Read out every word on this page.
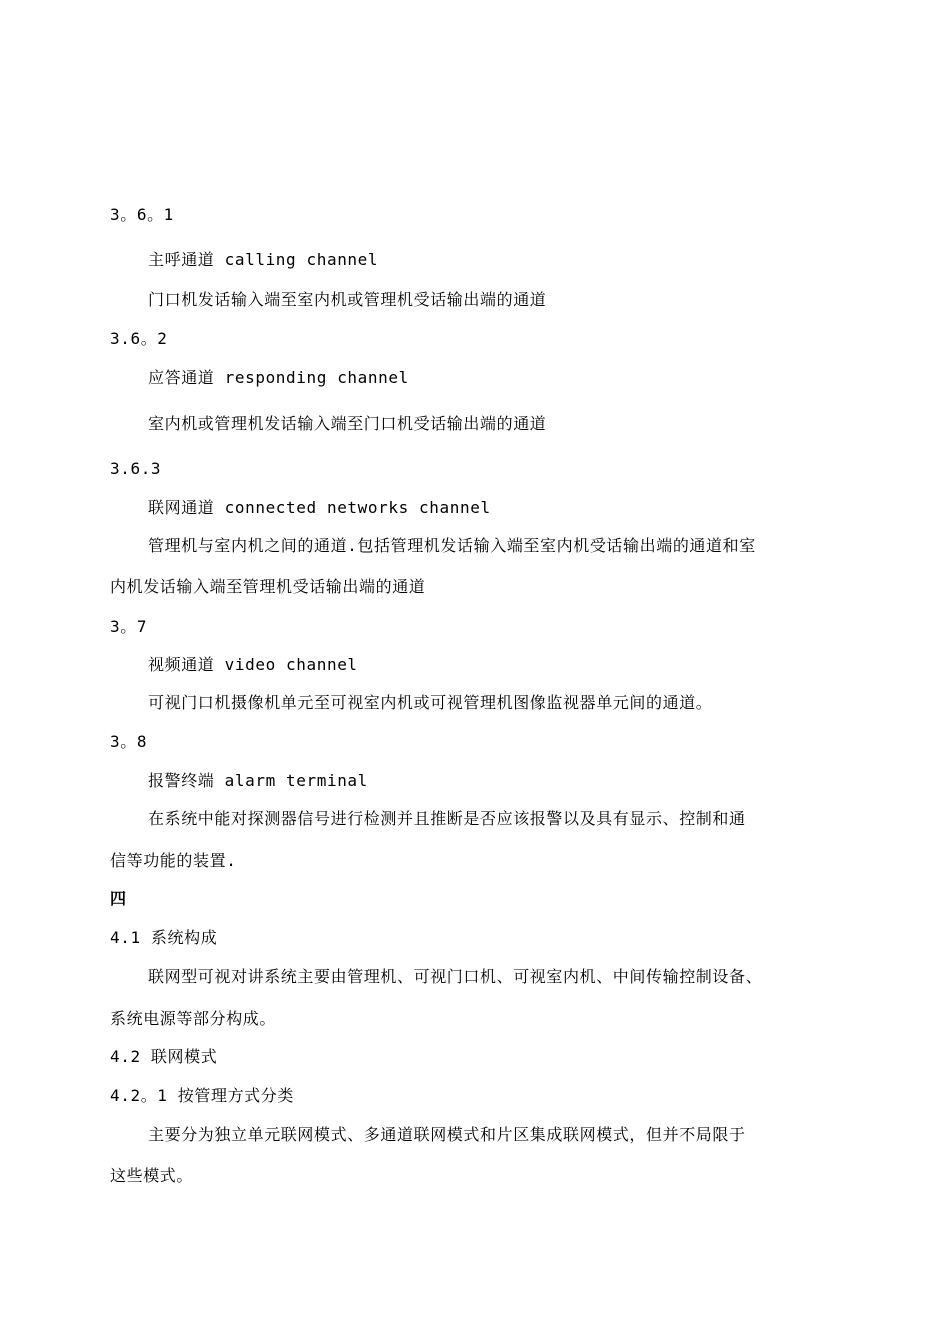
3。6。1
主呼通道 calling channel
门口机发话输入端至室内机或管理机受话输出端的通道
3.6。2
应答通道 responding channel
室内机或管理机发话输入端至门口机受话输出端的通道
3.6.3
联网通道 connected networks channel
管理机与室内机之间的通道.包括管理机发话输入端至室内机受话输出端的通道和室
内机发话输入端至管理机受话输出端的通道
3。7
视频通道 video channel
可视门口机摄像机单元至可视室内机或可视管理机图像监视器单元间的通道。
3。8
报警终端 alarm terminal
在系统中能对探测器信号进行检测并且推断是否应该报警以及具有显示、控制和通
信等功能的装置.
四
4.1 系统构成
联网型可视对讲系统主要由管理机、可视门口机、可视室内机、中间传输控制设备、
系统电源等部分构成。
4.2 联网模式
4.2。1 按管理方式分类
主要分为独立单元联网模式、多通道联网模式和片区集成联网模式，但并不局限于
这些模式。
